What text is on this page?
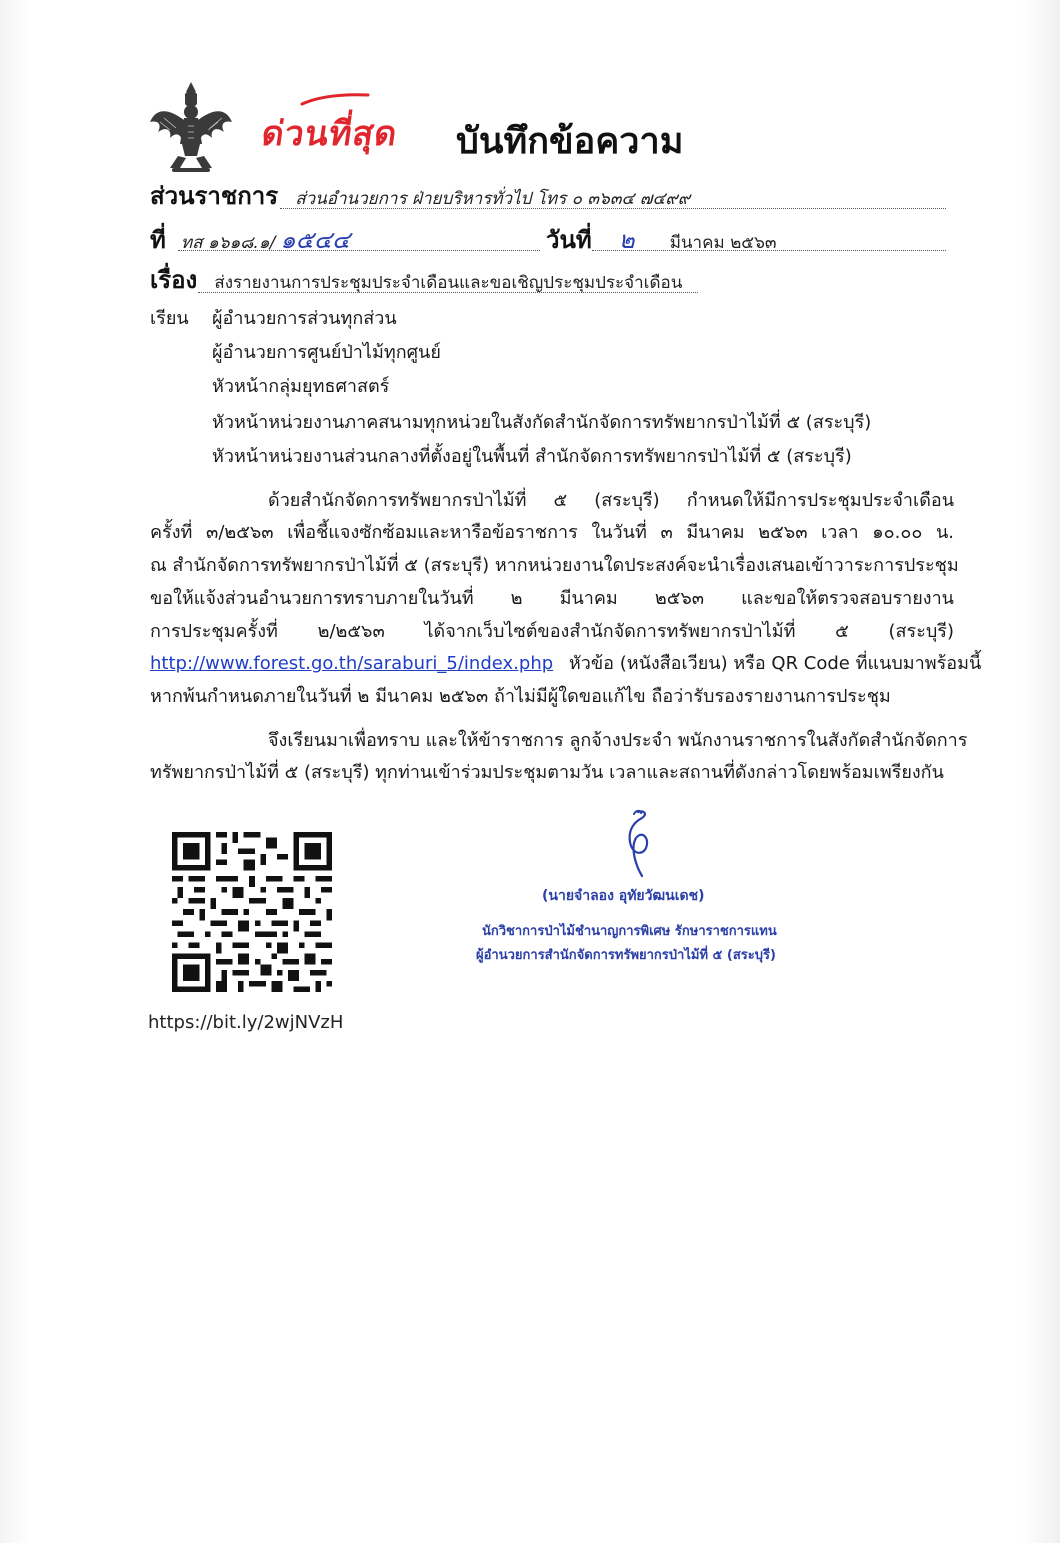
ด่วนที่สุด บันทึกข้อความ
ส่วนราชการ ส่วนอำนวยการ ฝ่ายบริหารทั่วไป โทร ๐ ๓๖๓๔ ๗๔๙๙
ที่ ทส ๑๖๑๘.๑/ ๑๕๔๔	วันที่ ๒ มีนาคม ๒๕๖๓
เรื่อง ส่งรายงานการประชุมประจำเดือนและขอเชิญประชุมประจำเดือน
เรียน ผู้อำนวยการส่วนทุกส่วน
ผู้อำนวยการศูนย์ป่าไม้ทุกศูนย์
หัวหน้ากลุ่มยุทธศาสตร์
หัวหน้าหน่วยงานภาคสนามทุกหน่วยในสังกัดสำนักจัดการทรัพยากรป่าไม้ที่ ๕ (สระบุรี)
หัวหน้าหน่วยงานส่วนกลางที่ตั้งอยู่ในพื้นที่ สำนักจัดการทรัพยากรป่าไม้ที่ ๕ (สระบุรี)
ด้วยสำนักจัดการทรัพยากรป่าไม้ที่ ๕ (สระบุรี) กำหนดให้มีการประชุมประจำเดือน
ครั้งที่ ๓/๒๕๖๓ เพื่อชี้แจงซักซ้อมและหารือข้อราชการ ในวันที่ ๓ มีนาคม ๒๕๖๓ เวลา ๑๐.๐๐ น.
ณ สำนักจัดการทรัพยากรป่าไม้ที่ ๕ (สระบุรี) หากหน่วยงานใดประสงค์จะนำเรื่องเสนอเข้าวาระการประชุม
ขอให้แจ้งส่วนอำนวยการทราบภายในวันที่ ๒ มีนาคม ๒๕๖๓ และขอให้ตรวจสอบรายงาน
การประชุมครั้งที่ ๒/๒๕๖๓ ได้จากเว็บไซต์ของสำนักจัดการทรัพยากรป่าไม้ที่ ๕ (สระบุรี)
http://www.forest.go.th/saraburi_5/index.php หัวข้อ (หนังสือเวียน) หรือ QR Code ที่แนบมาพร้อมนี้
หากพ้นกำหนดภายในวันที่ ๒ มีนาคม ๒๕๖๓ ถ้าไม่มีผู้ใดขอแก้ไข ถือว่ารับรองรายงานการประชุม
จึงเรียนมาเพื่อทราบ และให้ข้าราชการ ลูกจ้างประจำ พนักงานราชการในสังกัดสำนักจัดการ
ทรัพยากรป่าไม้ที่ ๕ (สระบุรี) ทุกท่านเข้าร่วมประชุมตามวัน เวลาและสถานที่ดังกล่าวโดยพร้อมเพรียงกัน
https://bit.ly/2wjNVzH
(นายจำลอง อุทัยวัฒนเดช)
นักวิชาการป่าไม้ชำนาญการพิเศษ รักษาราชการแทน
ผู้อำนวยการสำนักจัดการทรัพยากรป่าไม้ที่ ๕ (สระบุรี)
